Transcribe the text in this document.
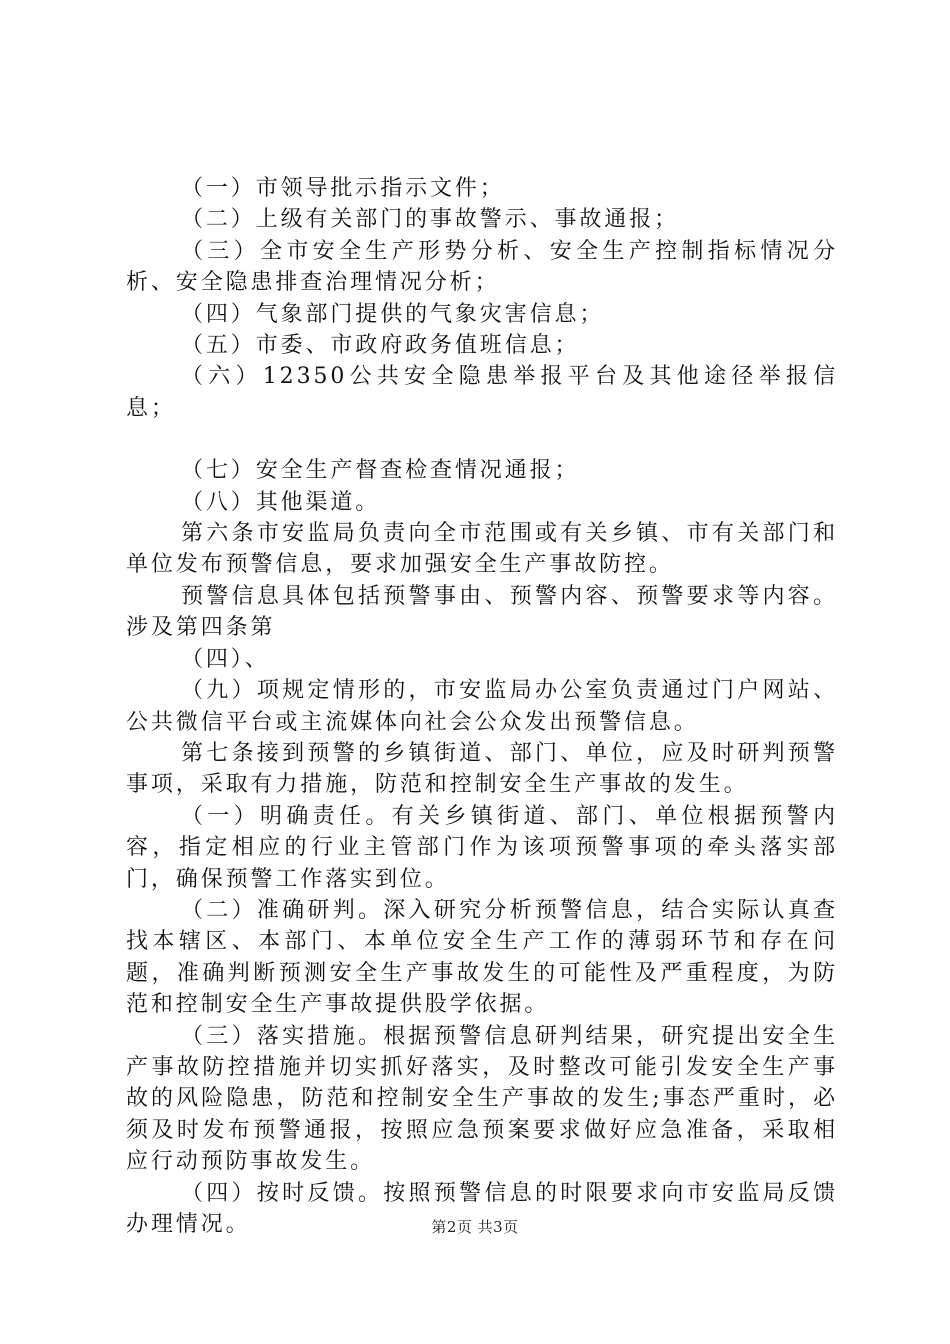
（一）市领导批示指示文件；

（二）上级有关部门的事故警示、事故通报；

（三）全市安全生产形势分析、安全生产控制指标情况分析、安全隐患排查治理情况分析；

（四）气象部门提供的气象灾害信息；

（五）市委、市政府政务值班信息；

（六）12350公共安全隐患举报平台及其他途径举报信息；

（七）安全生产督查检查情况通报；

（八）其他渠道。

第六条市安监局负责向全市范围或有关乡镇、市有关部门和单位发布预警信息，要求加强安全生产事故防控。

预警信息具体包括预警事由、预警内容、预警要求等内容。涉及第四条第

（四）、

（九）项规定情形的，市安监局办公室负责通过门户网站、公共微信平台或主流媒体向社会公众发出预警信息。

第七条接到预警的乡镇街道、部门、单位，应及时研判预警事项，采取有力措施，防范和控制安全生产事故的发生。

（一）明确责任。有关乡镇街道、部门、单位根据预警内容，指定相应的行业主管部门作为该项预警事项的牵头落实部门，确保预警工作落实到位。

（二）准确研判。深入研究分析预警信息，结合实际认真查找本辖区、本部门、本单位安全生产工作的薄弱环节和存在问题，准确判断预测安全生产事故发生的可能性及严重程度，为防范和控制安全生产事故提供股学依据。

（三）落实措施。根据预警信息研判结果，研究提出安全生产事故防控措施并切实抓好落实，及时整改可能引发安全生产事故的风险隐患，防范和控制安全生产事故的发生;事态严重时，必须及时发布预警通报，按照应急预案要求做好应急准备，采取相应行动预防事故发生。

（四）按时反馈。按照预警信息的时限要求向市安监局反馈办理情况。	第2页 共3页
